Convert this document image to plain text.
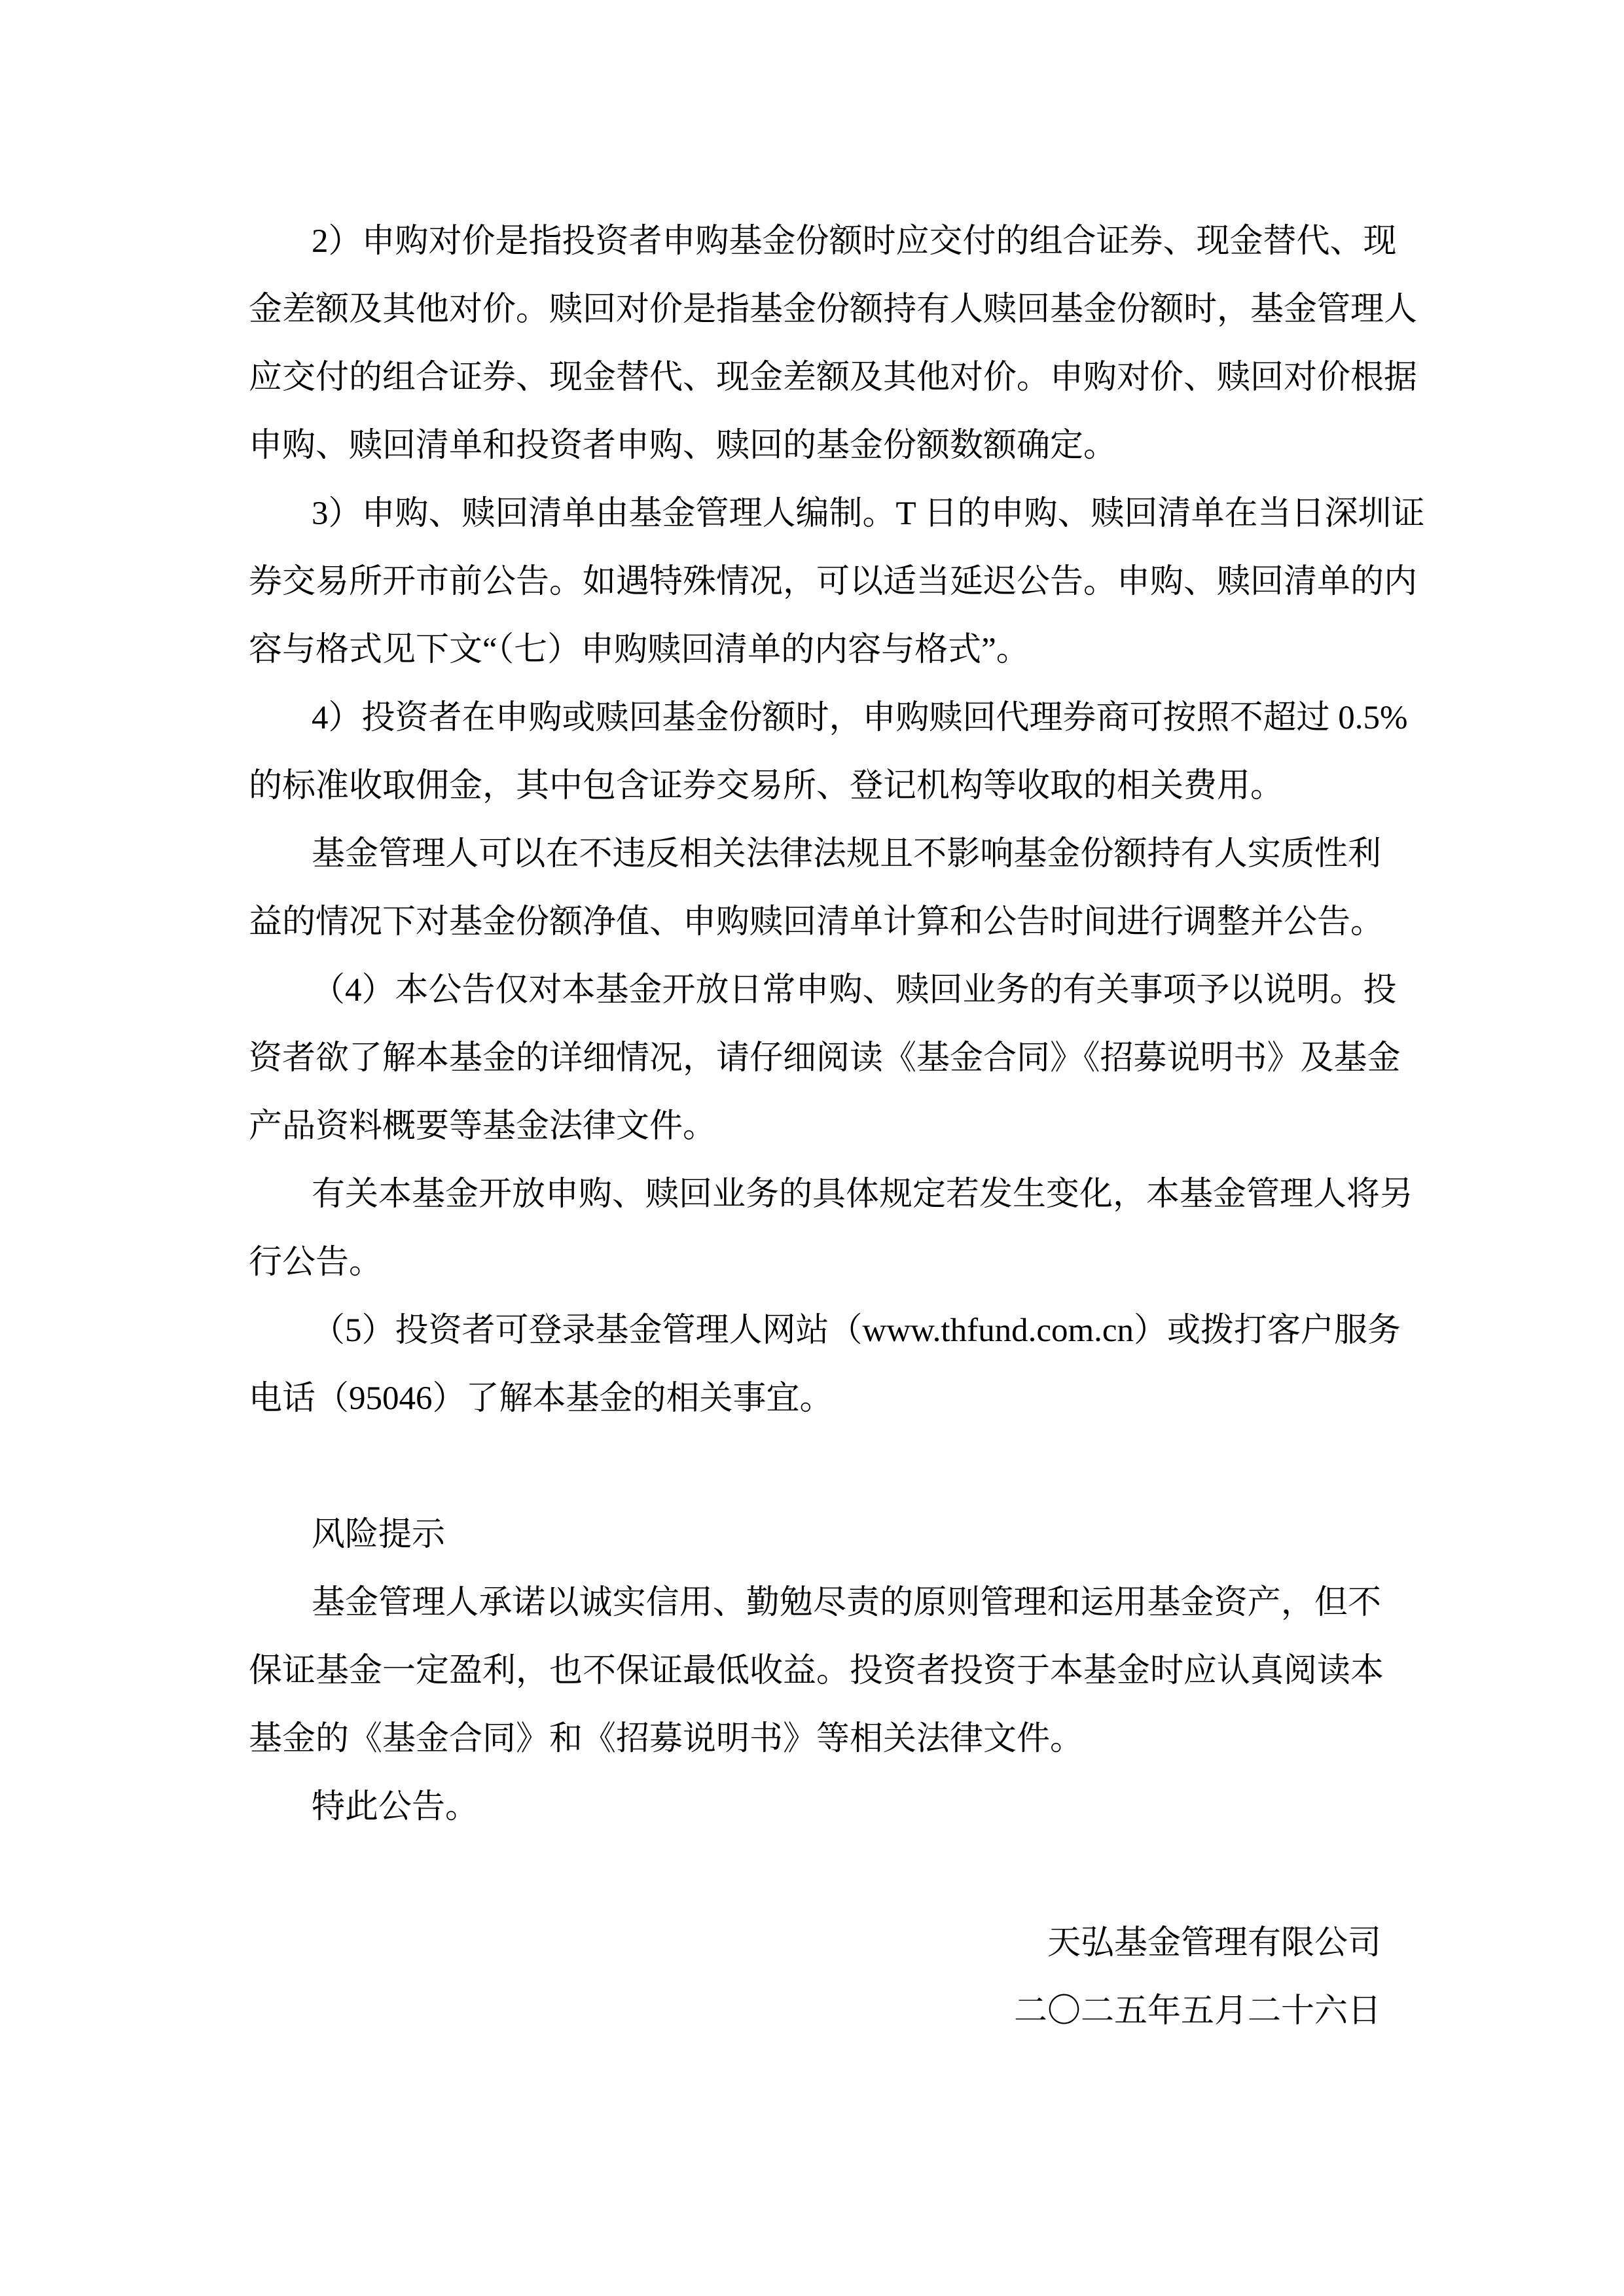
2）申购对价是指投资者申购基金份额时应交付的组合证券、现金替代、现
金差额及其他对价。赎回对价是指基金份额持有人赎回基金份额时，基金管理人
应交付的组合证券、现金替代、现金差额及其他对价。申购对价、赎回对价根据
申购、赎回清单和投资者申购、赎回的基金份额数额确定。
3）申购、赎回清单由基金管理人编制。T 日的申购、赎回清单在当日深圳证
券交易所开市前公告。如遇特殊情况，可以适当延迟公告。申购、赎回清单的内
容与格式见下文“（七）申购赎回清单的内容与格式”。
4）投资者在申购或赎回基金份额时，申购赎回代理券商可按照不超过 0.5%
的标准收取佣金，其中包含证券交易所、登记机构等收取的相关费用。
基金管理人可以在不违反相关法律法规且不影响基金份额持有人实质性利
益的情况下对基金份额净值、申购赎回清单计算和公告时间进行调整并公告。
（4）本公告仅对本基金开放日常申购、赎回业务的有关事项予以说明。投
资者欲了解本基金的详细情况，请仔细阅读《基金合同》《招募说明书》及基金
产品资料概要等基金法律文件。
有关本基金开放申购、赎回业务的具体规定若发生变化，本基金管理人将另
行公告。
（5）投资者可登录基金管理人网站（www.thfund.com.cn）或拨打客户服务
电话（95046）了解本基金的相关事宜。
风险提示
基金管理人承诺以诚实信用、勤勉尽责的原则管理和运用基金资产，但不
保证基金一定盈利，也不保证最低收益。投资者投资于本基金时应认真阅读本
基金的《基金合同》和《招募说明书》等相关法律文件。
特此公告。
天弘基金管理有限公司
二〇二五年五月二十六日
